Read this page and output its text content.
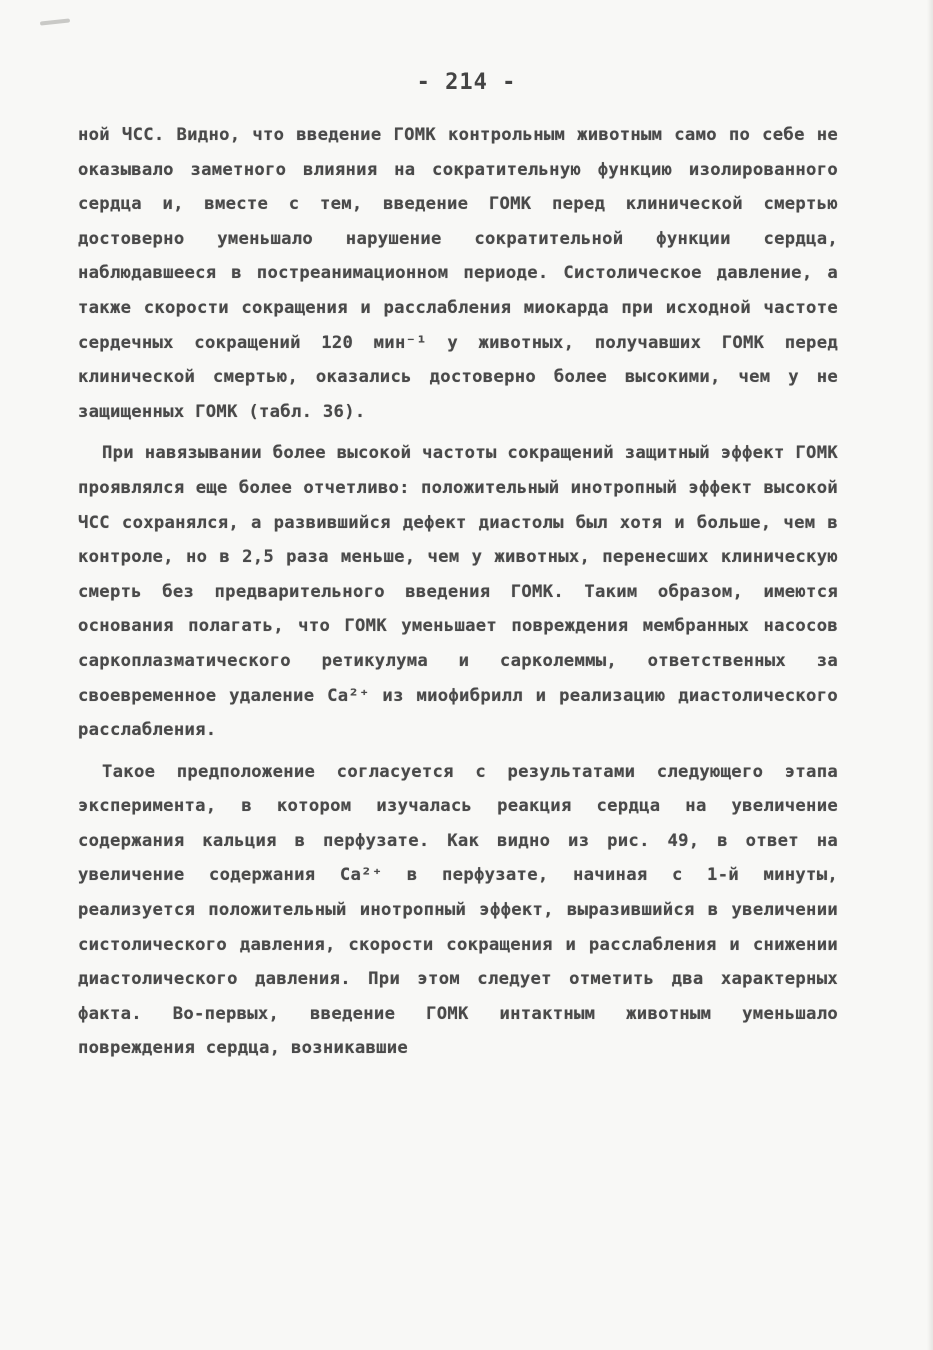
- 214 -

ной ЧСС. Видно, что введение ГОМК контрольным животным само по себе не оказывало заметного влияния на сократительную функцию изолированного сердца и, вместе с тем, введение ГОМК перед клинической смертью достоверно уменьшало нарушение сократительной функции сердца, наблюдавшееся в постреанимационном периоде. Систолическое давление, а также скорости сокращения и расслабления миокарда при исходной частоте сердечных сокращений 120 мин⁻¹ у животных, получавших ГОМК перед клинической смертью, оказались достоверно более высокими, чем у не защищенных ГОМК (табл. 36).

При навязывании более высокой частоты сокращений защитный эффект ГОМК проявлялся еще более отчетливо: положительный инотропный эффект высокой ЧСС сохранялся, а развившийся дефект диастолы был хотя и больше, чем в контроле, но в 2,5 раза меньше, чем у животных, перенесших клиническую смерть без предварительного введения ГОМК. Таким образом, имеются основания полагать, что ГОМК уменьшает повреждения мембранных насосов саркоплазматического ретикулума и сарколеммы, ответственных за своевременное удаление Ca²⁺ из миофибрилл и реализацию диастолического расслабления.

Такое предположение согласуется с результатами следующего этапа эксперимента, в котором изучалась реакция сердца на увеличение содержания кальция в перфузате. Как видно из рис. 49, в ответ на увеличение содержания Ca²⁺ в перфузате, начиная с 1-й минуты, реализуется положительный инотропный эффект, выразившийся в увеличении систолического давления, скорости сокращения и расслабления и снижении диастолического давления. При этом следует отметить два характерных факта. Во-первых, введение ГОМК интактным животным уменьшало повреждения сердца, возникавшие
